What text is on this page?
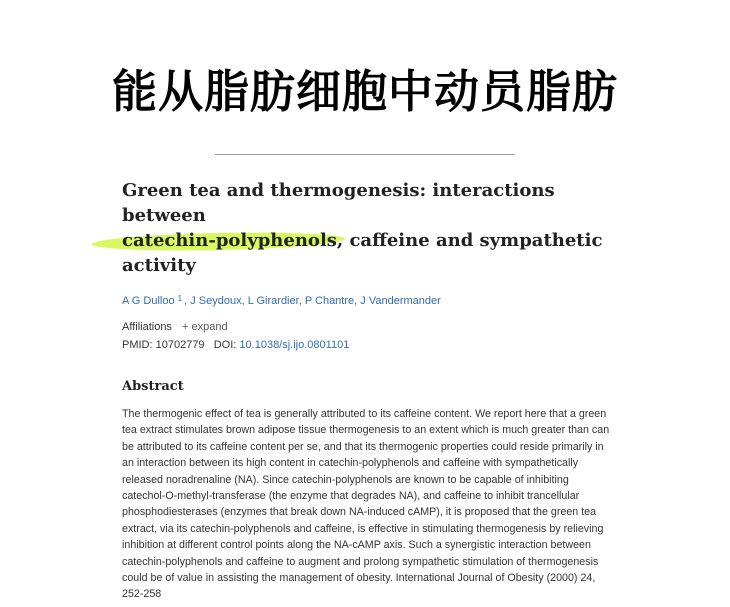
能从脂肪细胞中动员脂肪
Green tea and thermogenesis: interactions between
catechin-polyphenols, caffeine and sympathetic activity
A G Dulloo $^1$ , J Seydoux, L Girardier, P Chantre, J Vandermander
Affiliations + expand
PMID: 10702779 DOI: 10.1038/sj.ijo.0801101
Abstract
The thermogenic effect of tea is generally attributed to its caffeine content. We report here that a green tea extract stimulates brown adipose tissue thermogenesis to an extent which is much greater than can be attributed to its caffeine content per se, and that its thermogenic properties could reside primarily in an interaction between its high content in catechin-polyphenols and caffeine with sympathetically released noradrenaline (NA). Since catechin-polyphenols are known to be capable of inhibiting catechol-O-methyl-transferase (the enzyme that degrades NA), and caffeine to inhibit trancellular phosphodiesterases (enzymes that break down NA-induced cAMP), it is proposed that the green tea extract, via its catechin-polyphenols and caffeine, is effective in stimulating thermogenesis by relieving inhibition at different control points along the NA-cAMP axis. Such a synergistic interaction between catechin-polyphenols and caffeine to augment and prolong sympathetic stimulation of thermogenesis could be of value in assisting the management of obesity. International Journal of Obesity (2000) 24, 252-258
